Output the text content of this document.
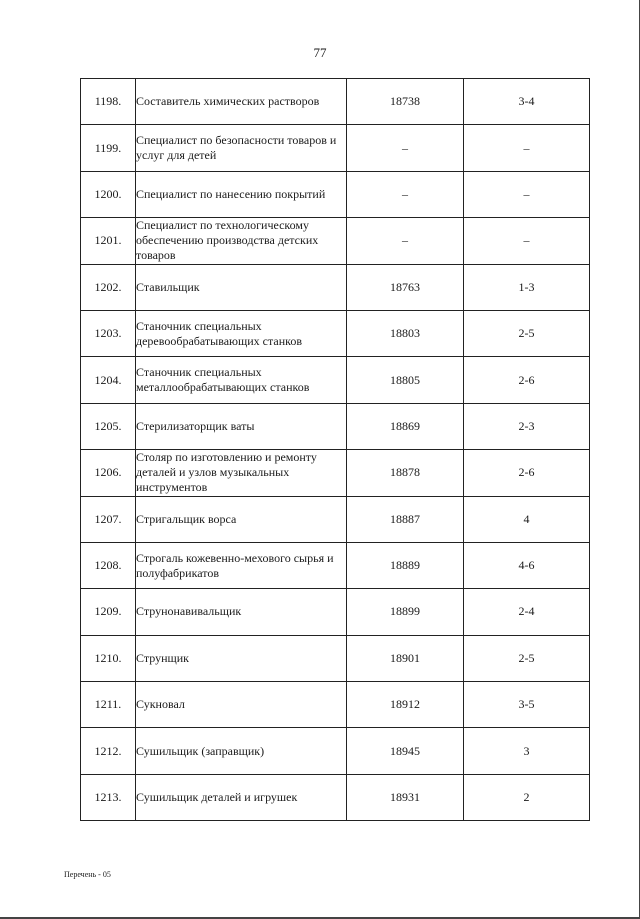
77
1198.	Составитель химических растворов	18738	3-4
1199.	Специалист по безопасности товаров и услуг для детей	–	–
1200.	Специалист по нанесению покрытий	–	–
1201.	Специалист по технологическому обеспечению производства детских товаров	–	–
1202.	Ставильщик	18763	1-3
1203.	Станочник специальных деревообрабатывающих станков	18803	2-5
1204.	Станочник специальных металлообрабатывающих станков	18805	2-6
1205.	Стерилизаторщик ваты	18869	2-3
1206.	Столяр по изготовлению и ремонту деталей и узлов музыкальных инструментов	18878	2-6
1207.	Стригальщик ворса	18887	4
1208.	Строгаль кожевенно-мехового сырья и полуфабрикатов	18889	4-6
1209.	Струнонавивальщик	18899	2-4
1210.	Струнщик	18901	2-5
1211.	Сукновал	18912	3-5
1212.	Сушильщик (заправщик)	18945	3
1213.	Сушильщик деталей и игрушек	18931	2
Перечень - 05
